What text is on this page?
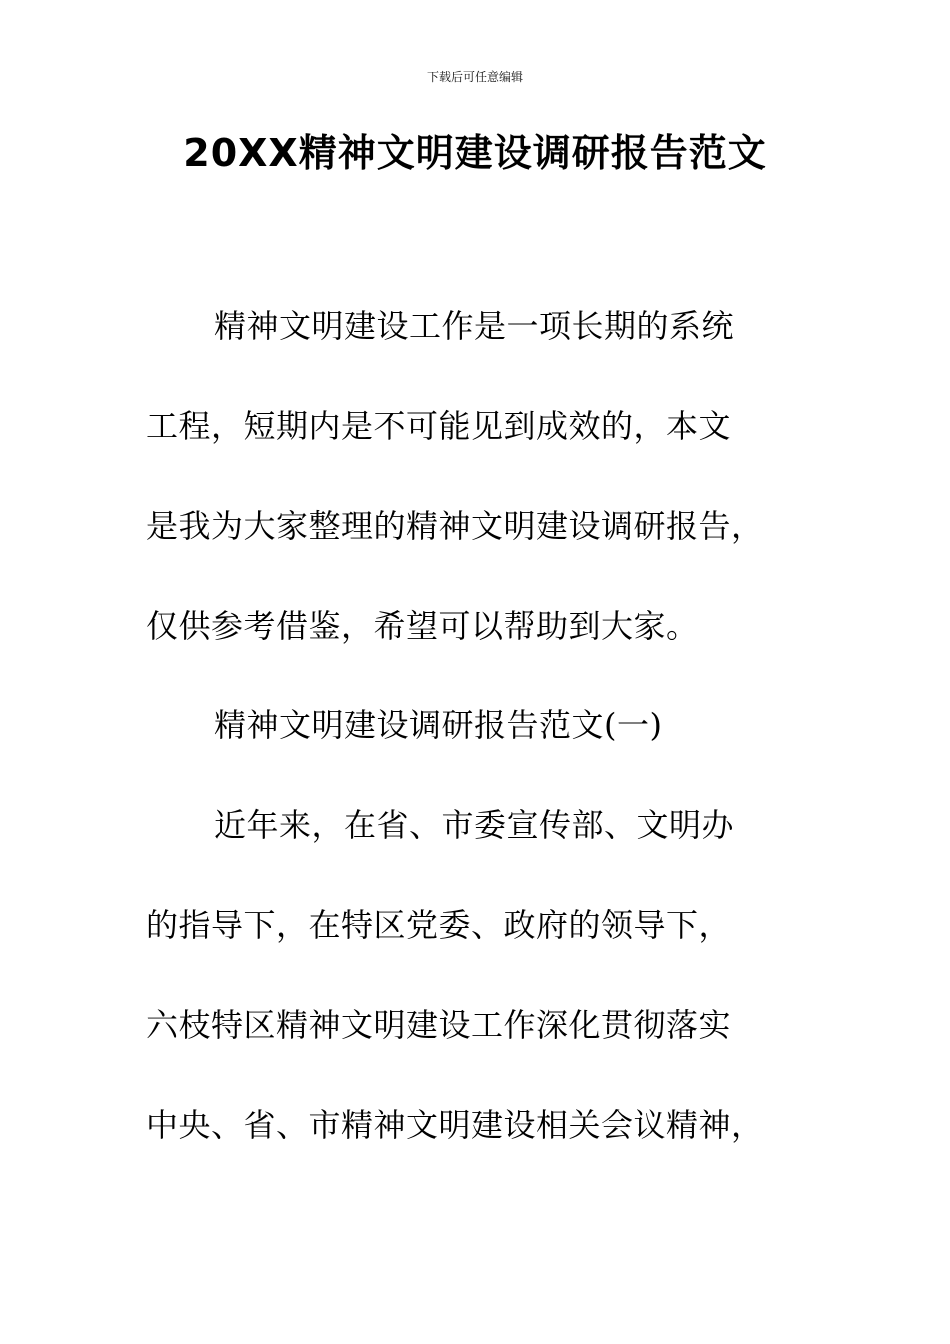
下载后可任意编辑
20XX精神文明建设调研报告范文
精神文明建设工作是一项长期的系统
工程，短期内是不可能见到成效的，本文
是我为大家整理的精神文明建设调研报告，
仅供参考借鉴，希望可以帮助到大家。
精神文明建设调研报告范文(一)
近年来，在省、市委宣传部、文明办
的指导下，在特区党委、政府的领导下，
六枝特区精神文明建设工作深化贯彻落实
中央、省、市精神文明建设相关会议精神，
